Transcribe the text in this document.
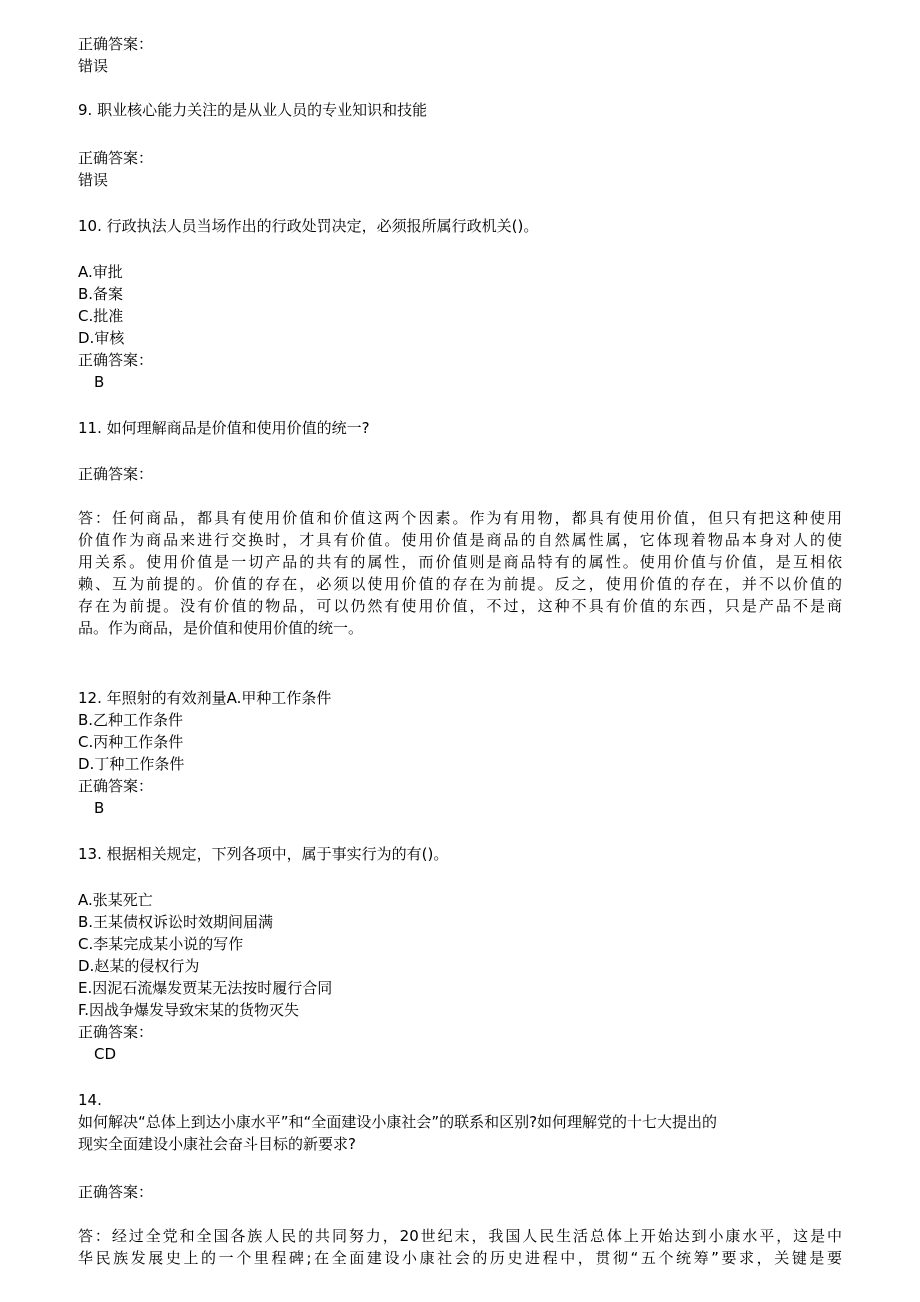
正确答案：
错误
9. 职业核心能力关注的是从业人员的专业知识和技能
正确答案：
错误
10. 行政执法人员当场作出的行政处罚决定，必须报所属行政机关()。
A.审批
B.备案
C.批准
D.审核
正确答案：
B
11. 如何理解商品是价值和使用价值的统一?
正确答案：
12. 年照射的有效剂量A.甲种工作条件
B.乙种工作条件
C.丙种工作条件
D.丁种工作条件
正确答案：
B
13. 根据相关规定，下列各项中，属于事实行为的有()。
A.张某死亡
B.王某债权诉讼时效期间届满
C.李某完成某小说的写作
D.赵某的侵权行为
E.因泥石流爆发贾某无法按时履行合同
F.因战争爆发导致宋某的货物灭失
正确答案：
CD
14.
如何解决“总体上到达小康水平”和“全面建设小康社会”的联系和区别?如何理解党的十七大提出的
现实全面建设小康社会奋斗目标的新要求?
正确答案：
答：任何商品，都具有使用价值和价值这两个因素。作为有用物，都具有使用价值，但只有把这种使用
价值作为商品来进行交换时，才具有价值。使用价值是商品的自然属性属，它体现着物品本身对人的使
用关系。使用价值是一切产品的共有的属性，而价值则是商品特有的属性。使用价值与价值，是互相依
赖、互为前提的。价值的存在，必须以使用价值的存在为前提。反之，使用价值的存在，并不以价值的
存在为前提。没有价值的物品，可以仍然有使用价值，不过，这种不具有价值的东西，只是产品不是商
品。作为商品，是价值和使用价值的统一。
答：经过全党和全国各族人民的共同努力，20世纪末，我国人民生活总体上开始达到小康水平，这是中
华民族发展史上的一个里程碑;在全面建设小康社会的历史进程中，贯彻“五个统筹”要求，关键是要
